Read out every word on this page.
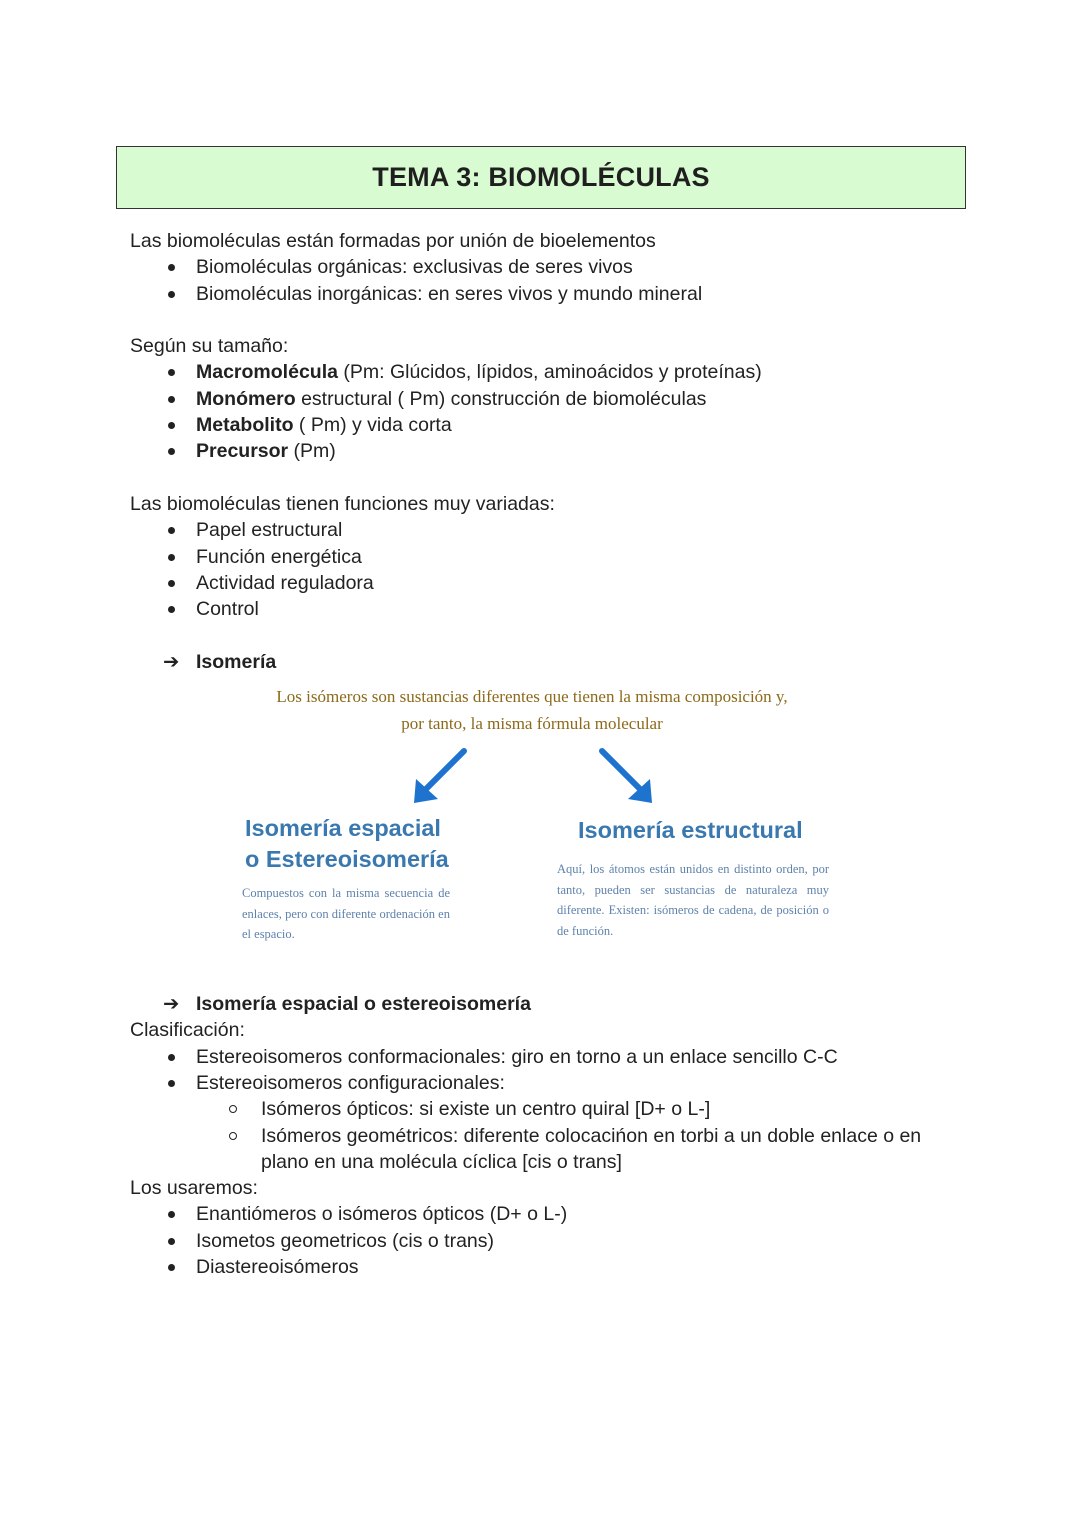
TEMA 3: BIOMOLÉCULAS

Las biomoléculas están formadas por unión de bioelementos

Biomoléculas orgánicas: exclusivas de seres vivos
Biomoléculas inorgánicas: en seres vivos y mundo mineral

Según su tamaño:

Macromolécula (Pm: Glúcidos, lípidos, aminoácidos y proteínas)
Monómero estructural ( Pm) construcción de biomoléculas
Metabolito ( Pm) y vida corta
Precursor (Pm)

Las biomoléculas tienen funciones muy variadas:

Papel estructural
Función energética
Actividad reguladora
Control
➔ Isomería
Los isómeros son sustancias diferentes que tienen la misma composición y,
por tanto, la misma fórmula molecular
Isomería espacial
o Estereoisomería
Compuestos con la misma secuencia de enlaces, pero con diferente ordenación en el espacio.
Isomería estructural
Aquí, los átomos están unidos en distinto orden, por tanto, pueden ser sustancias de naturaleza muy diferente. Existen: isómeros de cadena, de posición o de función.
➔ Isomería espacial o estereoisomería

Clasificación:

Estereoisomeros conformacionales: giro en torno a un enlace sencillo C-C
Estereoisomeros configuracionales:
Isómeros ópticos: si existe un centro quiral [D+ o L-]
Isómeros geométricos: diferente colocacińon en torbi a un doble enlace o en plano en una molécula cíclica [cis o trans]

Los usaremos:

Enantiómeros o isómeros ópticos (D+ o L-)
Isometos geometricos (cis o trans)
Diastereoisómeros
